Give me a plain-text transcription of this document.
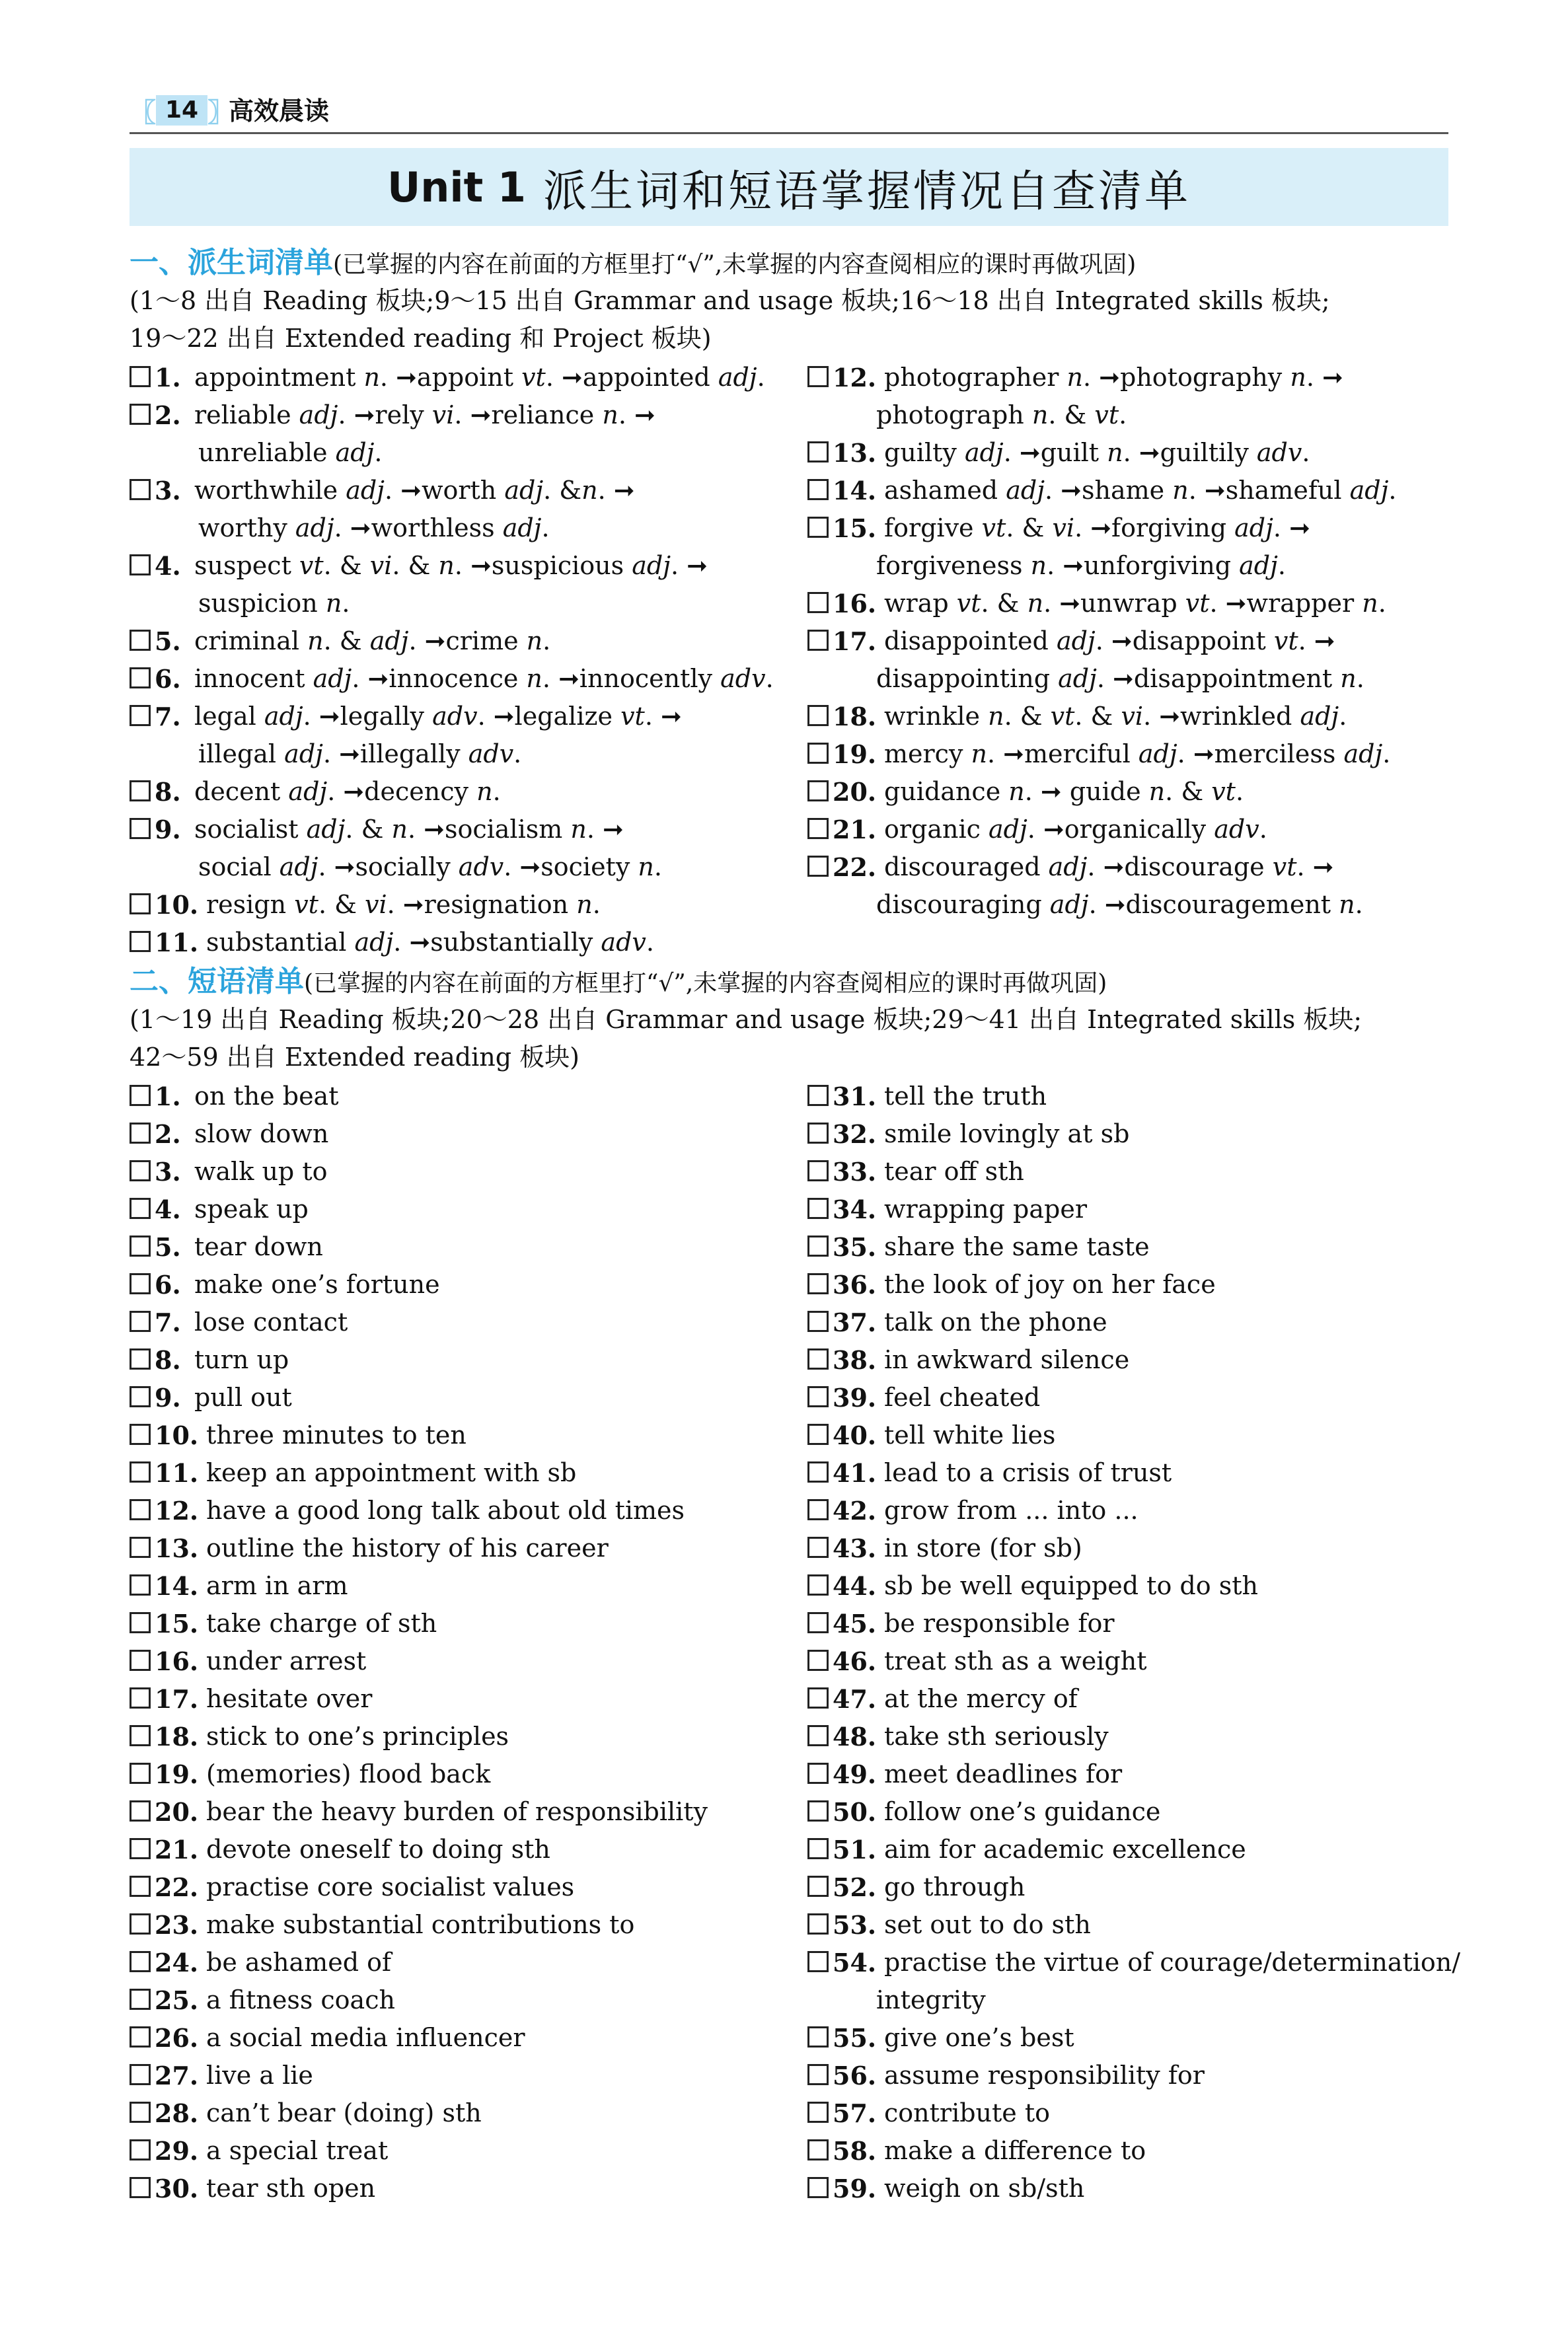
〖 14 〗
高效晨读
Unit 1 派生词和短语掌握情况自查清单
一、派生词清单(已掌握的内容在前面的方框里打“√”,未掌握的内容查阅相应的课时再做巩固)
(1～8 出自 Reading 板块;9～15 出自 Grammar and usage 板块;16～18 出自 Integrated skills 板块;
19～22 出自 Extended reading 和 Project 板块)
1. appointment n. ➞appoint vt. ➞appointed adj.
2. reliable adj. ➞rely vi. ➞reliance n. ➞
unreliable adj.
3. worthwhile adj. ➞worth adj. &n. ➞
worthy adj. ➞worthless adj.
4. suspect vt. & vi. & n. ➞suspicious adj. ➞
suspicion n.
5. criminal n. & adj. ➞crime n.
6. innocent adj. ➞innocence n. ➞innocently adv.
7. legal adj. ➞legally adv. ➞legalize vt. ➞
illegal adj. ➞illegally adv.
8. decent adj. ➞decency n.
9. socialist adj. & n. ➞socialism n. ➞
social adj. ➞socially adv. ➞society n.
10. resign vt. & vi. ➞resignation n.
11. substantial adj. ➞substantially adv.
12. photographer n. ➞photography n. ➞
photograph n. & vt.
13. guilty adj. ➞guilt n. ➞guiltily adv.
14. ashamed adj. ➞shame n. ➞shameful adj.
15. forgive vt. & vi. ➞forgiving adj. ➞
forgiveness n. ➞unforgiving adj.
16. wrap vt. & n. ➞unwrap vt. ➞wrapper n.
17. disappointed adj. ➞disappoint vt. ➞
disappointing adj. ➞disappointment n.
18. wrinkle n. & vt. & vi. ➞wrinkled adj.
19. mercy n. ➞merciful adj. ➞merciless adj.
20. guidance n. ➞ guide n. & vt.
21. organic adj. ➞organically adv.
22. discouraged adj. ➞discourage vt. ➞
discouraging adj. ➞discouragement n.
二、短语清单(已掌握的内容在前面的方框里打“√”,未掌握的内容查阅相应的课时再做巩固)
(1～19 出自 Reading 板块;20～28 出自 Grammar and usage 板块;29～41 出自 Integrated skills 板块;
42～59 出自 Extended reading 板块)
1. on the beat
2. slow down
3. walk up to
4. speak up
5. tear down
6. make one’s fortune
7. lose contact
8. turn up
9. pull out
10. three minutes to ten
11. keep an appointment with sb
12. have a good long talk about old times
13. outline the history of his career
14. arm in arm
15. take charge of sth
16. under arrest
17. hesitate over
18. stick to one’s principles
19. (memories) flood back
20. bear the heavy burden of responsibility
21. devote oneself to doing sth
22. practise core socialist values
23. make substantial contributions to
24. be ashamed of
25. a fitness coach
26. a social media influencer
27. live a lie
28. can’t bear (doing) sth
29. a special treat
30. tear sth open
31. tell the truth
32. smile lovingly at sb
33. tear off sth
34. wrapping paper
35. share the same taste
36. the look of joy on her face
37. talk on the phone
38. in awkward silence
39. feel cheated
40. tell white lies
41. lead to a crisis of trust
42. grow from ... into ...
43. in store (for sb)
44. sb be well equipped to do sth
45. be responsible for
46. treat sth as a weight
47. at the mercy of
48. take sth seriously
49. meet deadlines for
50. follow one’s guidance
51. aim for academic excellence
52. go through
53. set out to do sth
54. practise the virtue of courage/determination/
integrity
55. give one’s best
56. assume responsibility for
57. contribute to
58. make a difference to
59. weigh on sb/sth
